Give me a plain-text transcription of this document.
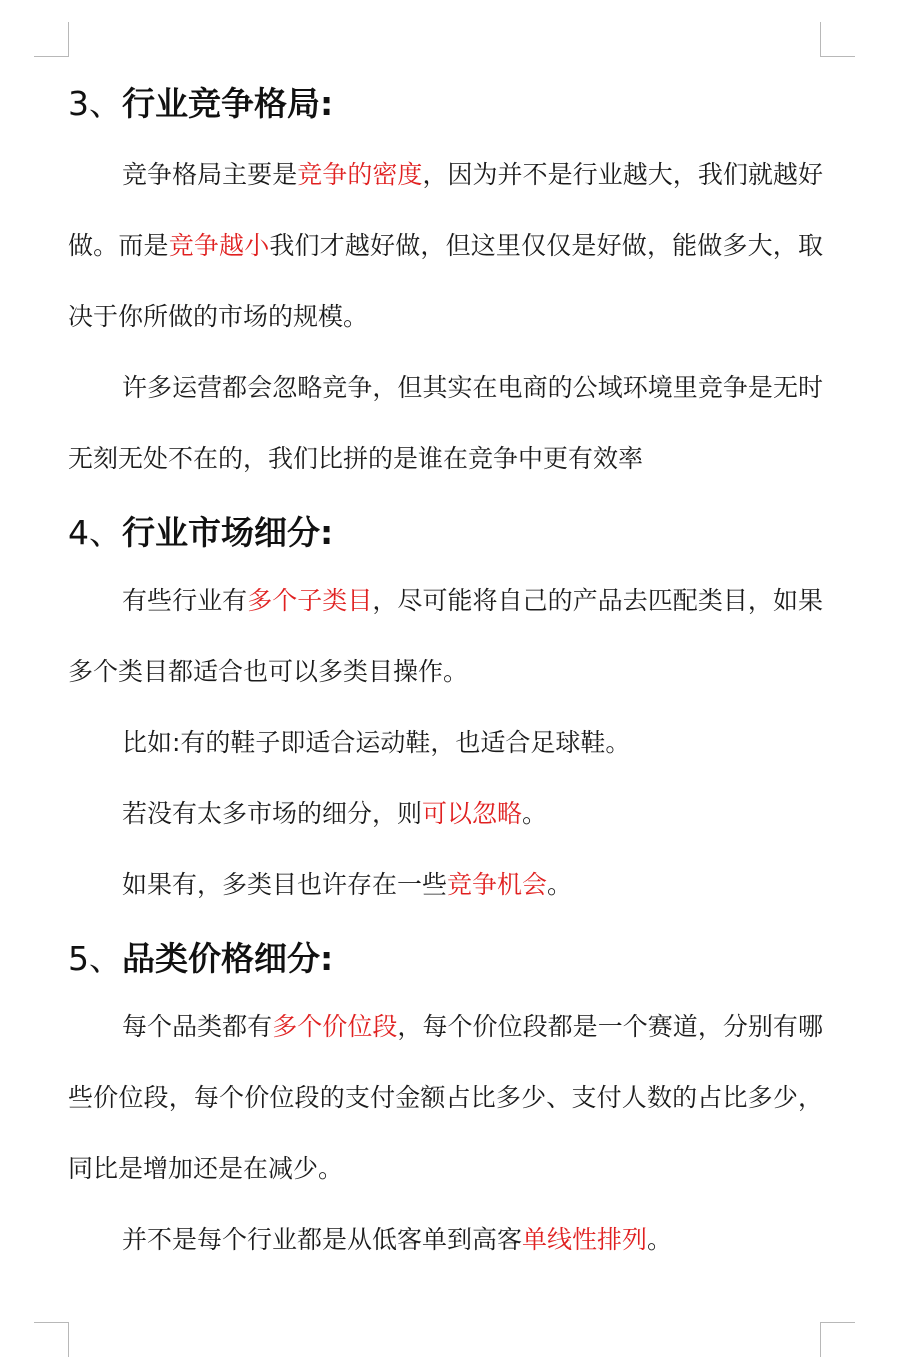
3、行业竞争格局:

竞争格局主要是竞争的密度，因为并不是行业越大，我们就越好做。而是竞争越小我们才越好做，但这里仅仅是好做，能做多大，取决于你所做的市场的规模。

许多运营都会忽略竞争，但其实在电商的公域环境里竞争是无时无刻无处不在的，我们比拼的是谁在竞争中更有效率

4、行业市场细分:

有些行业有多个子类目，尽可能将自己的产品去匹配类目，如果多个类目都适合也可以多类目操作。

比如:有的鞋子即适合运动鞋，也适合足球鞋。

若没有太多市场的细分，则可以忽略。

如果有，多类目也许存在一些竞争机会。

5、品类价格细分:

每个品类都有多个价位段，每个价位段都是一个赛道，分别有哪些价位段，每个价位段的支付金额占比多少、支付人数的占比多少，同比是增加还是在减少。

并不是每个行业都是从低客单到高客单线性排列。
